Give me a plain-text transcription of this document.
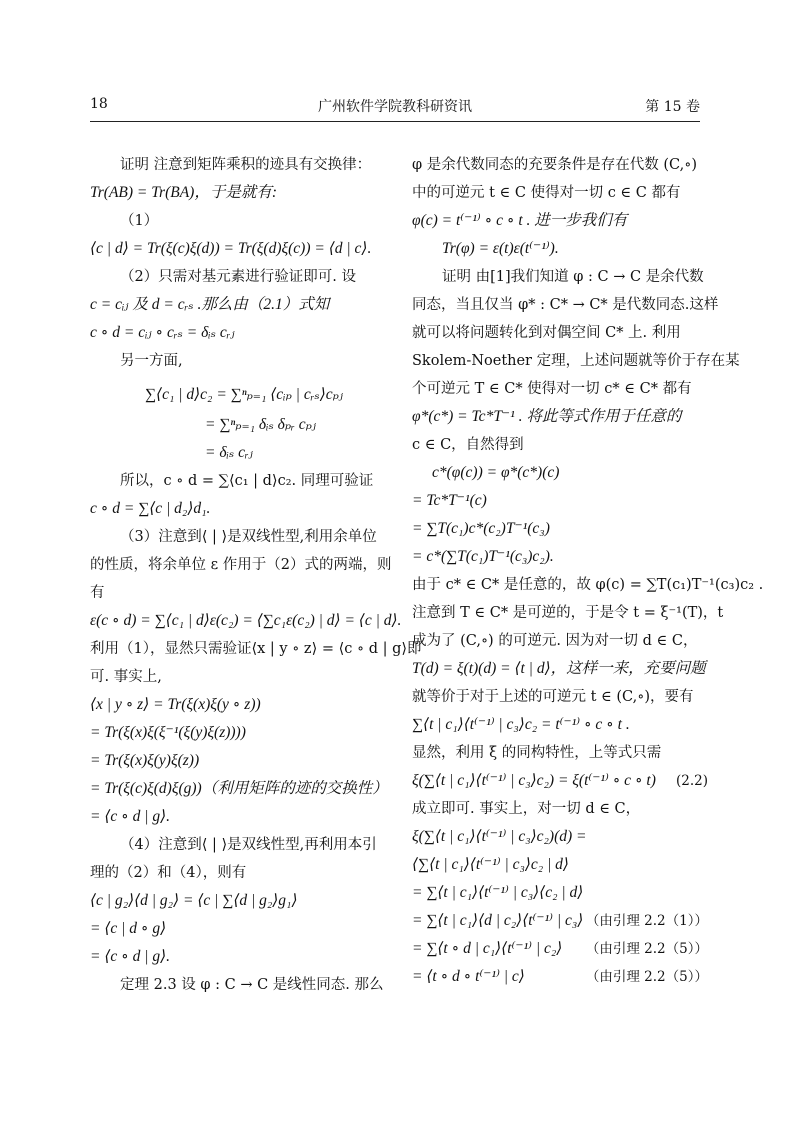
18	广州软件学院教科研资讯	第 15 卷
证明 注意到矩阵乘积的迹具有交换律：
Tr(AB) = Tr(BA)，于是就有:
（1）
⟨c | d⟩ = Tr(ξ(c)ξ(d)) = Tr(ξ(d)ξ(c)) = ⟨d | c⟩.
（2）只需对基元素进行验证即可. 设
c = cᵢⱼ 及 d = cᵣₛ .那么由（2.1）式知
c ∘ d = cᵢⱼ ∘ cᵣₛ = δᵢₛ cᵣⱼ
另一方面,
∑⟨c₁ | d⟩c₂ = ∑ⁿₚ₌₁ ⟨cᵢₚ | cᵣₛ⟩cₚⱼ
= ∑ⁿₚ₌₁ δᵢₛ δₚᵣ cₚⱼ
= δᵢₛ cᵣⱼ
所以，c ∘ d = ∑⟨c₁ | d⟩c₂. 同理可验证
c ∘ d = ∑⟨c | d₂⟩d₁.
（3）注意到⟨ | ⟩是双线性型,利用余单位
的性质，将余单位 ε 作用于（2）式的两端，则
有
ε(c ∘ d) = ∑⟨c₁ | d⟩ε(c₂) = ⟨∑c₁ε(c₂) | d⟩ = ⟨c | d⟩.
利用（1），显然只需验证⟨x | y ∘ z⟩ = ⟨c ∘ d | g⟩即
可. 事实上,
⟨x | y ∘ z⟩ = Tr(ξ(x)ξ(y ∘ z))
= Tr(ξ(x)ξ(ξ⁻¹(ξ(y)ξ(z))))
= Tr(ξ(x)ξ(y)ξ(z))
= Tr(ξ(c)ξ(d)ξ(g))（利用矩阵的迹的交换性）
= ⟨c ∘ d | g⟩.
（4）注意到⟨ | ⟩是双线性型,再利用本引
理的（2）和（4），则有
⟨c | g₂⟩⟨d | g₂⟩ = ⟨c | ∑⟨d | g₂⟩g₁⟩
= ⟨c | d ∘ g⟩
= ⟨c ∘ d | g⟩.
定理 2.3 设 φ : C → C 是线性同态. 那么
φ 是余代数同态的充要条件是存在代数 (C,∘)
中的可逆元 t ∈ C 使得对一切 c ∈ C 都有
φ(c) = t⁽⁻¹⁾ ∘ c ∘ t . 进一步我们有
Tr(φ) = ε(t)ε(t⁽⁻¹⁾).
证明 由[1]我们知道 φ : C → C 是余代数
同态，当且仅当 φ* : C* → C* 是代数同态.这样
就可以将问题转化到对偶空间 C* 上. 利用
Skolem-Noether 定理，上述问题就等价于存在某
个可逆元 T ∈ C* 使得对一切 c* ∈ C* 都有
φ*(c*) = Tc*T⁻¹ . 将此等式作用于任意的
c ∈ C，自然得到
c*(φ(c)) = φ*(c*)(c)
= Tc*T⁻¹(c)
= ∑T(c₁)c*(c₂)T⁻¹(c₃)
= c*(∑T(c₁)T⁻¹(c₃)c₂).
由于 c* ∈ C* 是任意的，故 φ(c) = ∑T(c₁)T⁻¹(c₃)c₂ .
注意到 T ∈ C* 是可逆的，于是令 t = ξ⁻¹(T)，t
成为了 (C,∘) 的可逆元. 因为对一切 d ∈ C，
T(d) = ξ(t)(d) = ⟨t | d⟩，这样一来，充要问题
就等价于对于上述的可逆元 t ∈ (C,∘)，要有
∑⟨t | c₁⟩⟨t⁽⁻¹⁾ | c₃⟩c₂ = t⁽⁻¹⁾ ∘ c ∘ t .
显然，利用 ξ 的同构特性，上等式只需
ξ(∑⟨t | c₁⟩⟨t⁽⁻¹⁾ | c₃⟩c₂) = ξ(t⁽⁻¹⁾ ∘ c ∘ t) (2.2)
成立即可. 事实上，对一切 d ∈ C，
ξ(∑⟨t | c₁⟩⟨t⁽⁻¹⁾ | c₃⟩c₂)(d) =
⟨∑⟨t | c₁⟩⟨t⁽⁻¹⁾ | c₃⟩c₂ | d⟩
= ∑⟨t | c₁⟩⟨t⁽⁻¹⁾ | c₃⟩⟨c₂ | d⟩
= ∑⟨t | c₁⟩⟨d | c₂⟩⟨t⁽⁻¹⁾ | c₃⟩ （由引理 2.2（1））
= ∑⟨t ∘ d | c₁⟩⟨t⁽⁻¹⁾ | c₂⟩ （由引理 2.2（5））
= ⟨t ∘ d ∘ t⁽⁻¹⁾ | c⟩	（由引理 2.2（5））
